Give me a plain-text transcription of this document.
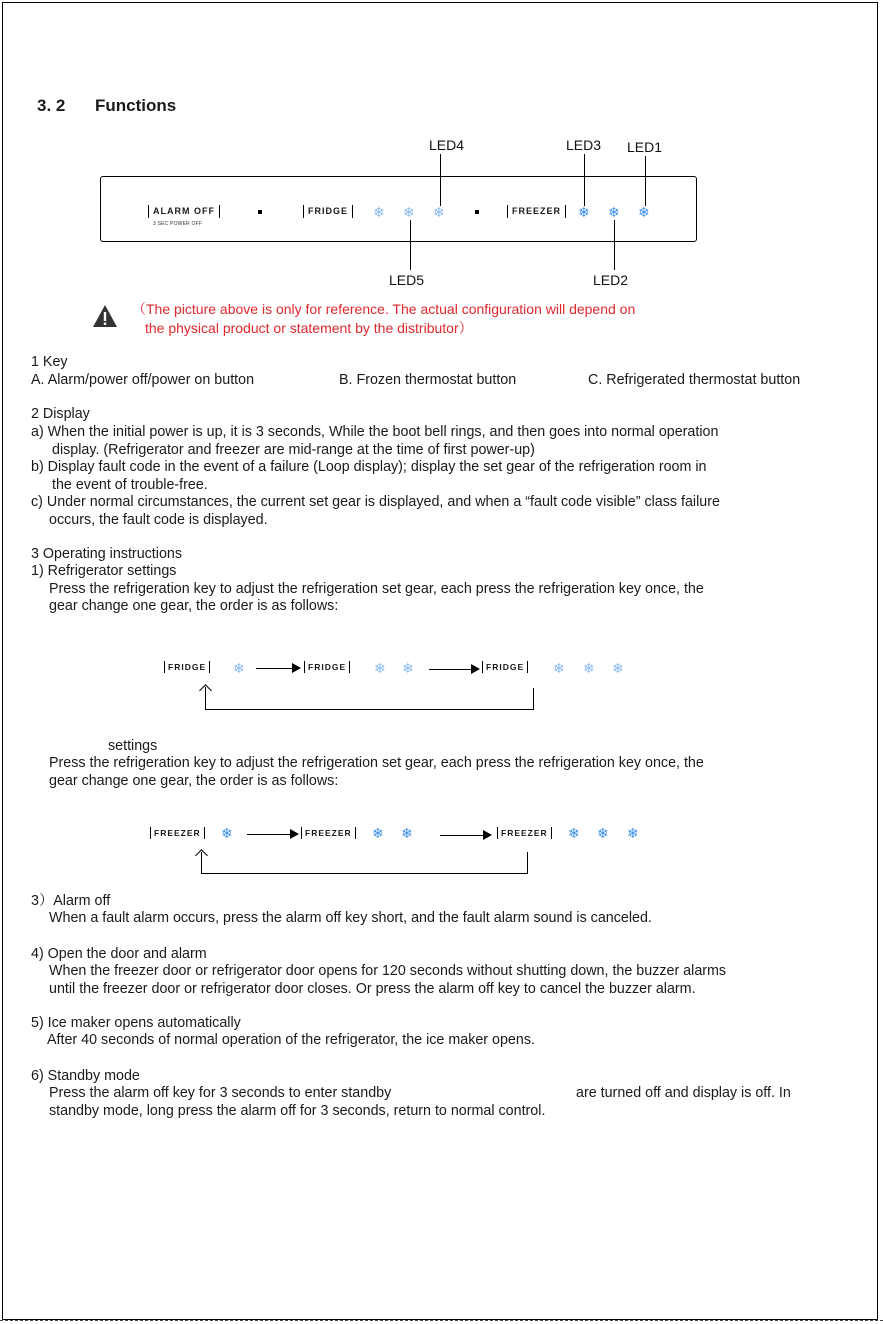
3. 2 Functions
LED4	LED3 LED1
LED5	LED2
ALARM OFF
3 SEC POWER OFF
FRIDGE	❄ ❄ ❄	FREEZER	❄ ❄ ❄
（The picture above is only for reference. The actual configuration will depend on
the physical product or statement by the distributor）
1 Key
A. Alarm/power off/power on button	B. Frozen thermostat button	C. Refrigerated thermostat button
2 Display
a) When the initial power is up, it is 3 seconds, While the boot bell rings, and then goes into normal operation
display. (Refrigerator and freezer are mid-range at the time of first power-up)
b) Display fault code in the event of a failure (Loop display); display the set gear of the refrigeration room in
the event of trouble-free.
c) Under normal circumstances, the current set gear is displayed, and when a “fault code visible” class failure
occurs, the fault code is displayed.
3 Operating instructions
1) Refrigerator settings
Press the refrigeration key to adjust the refrigeration set gear, each press the refrigeration key once, the
gear change one gear, the order is as follows:
FRIDGE ❄	FRIDGE ❄ ❄	FRIDGE ❄ ❄ ❄
settings
Press the refrigeration key to adjust the refrigeration set gear, each press the refrigeration key once, the
gear change one gear, the order is as follows:
FREEZER ❄	FREEZER ❄ ❄	FREEZER ❄ ❄ ❄
3）Alarm off
When a fault alarm occurs, press the alarm off key short, and the fault alarm sound is canceled.
4) Open the door and alarm
When the freezer door or refrigerator door opens for 120 seconds without shutting down, the buzzer alarms
until the freezer door or refrigerator door closes. Or press the alarm off key to cancel the buzzer alarm.
5) Ice maker opens automatically
After 40 seconds of normal operation of the refrigerator, the ice maker opens.
6) Standby mode
Press the alarm off key for 3 seconds to enter standby	are turned off and display is off. In
standby mode, long press the alarm off for 3 seconds, return to normal control.
